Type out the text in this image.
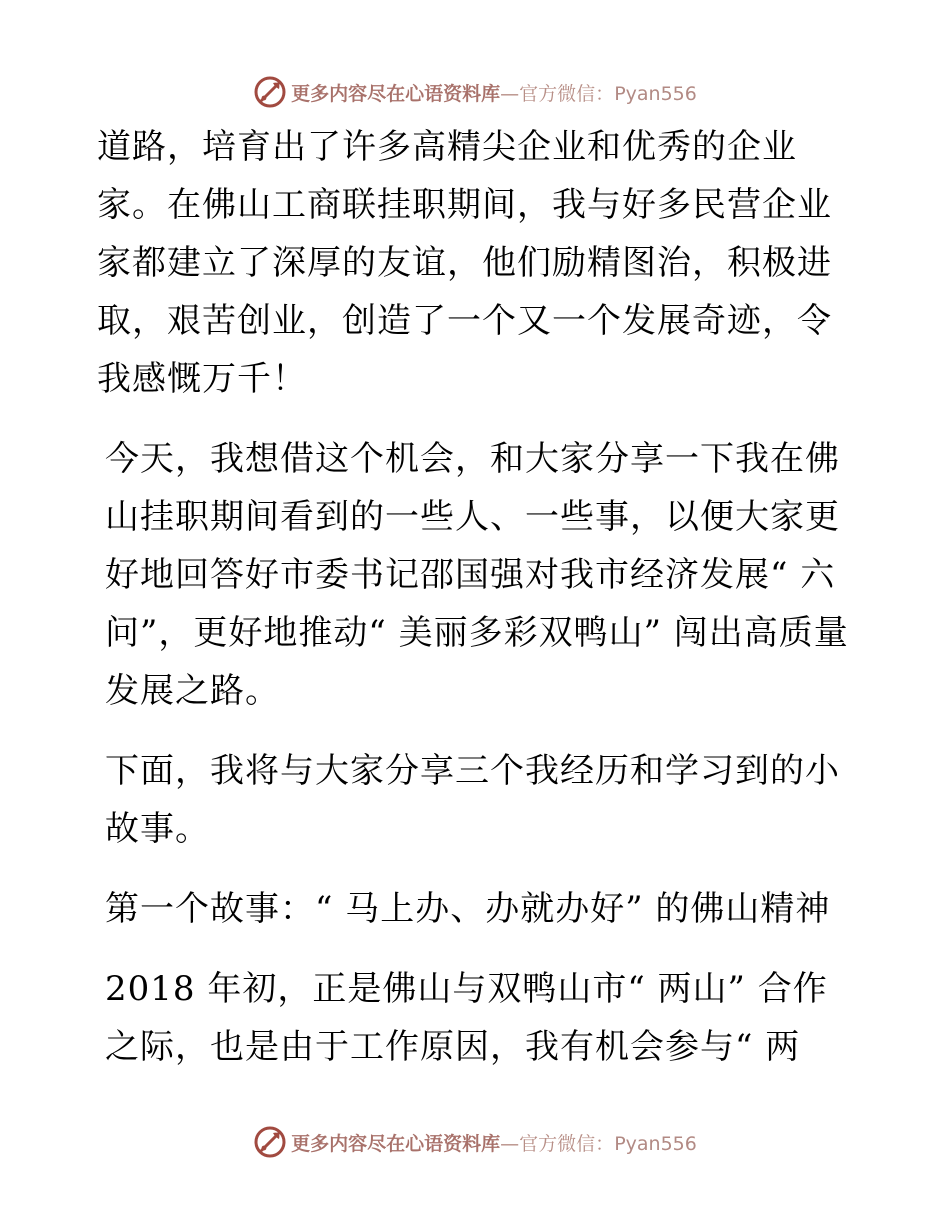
更多内容尽在心语资料库—官方微信：Pyan556

道路，培育出了许多高精尖企业和优秀的企业家。在佛山工商联挂职期间，我与好多民营企业家都建立了深厚的友谊，他们励精图治，积极进取，艰苦创业，创造了一个又一个发展奇迹，令我感慨万千！

今天，我想借这个机会，和大家分享一下我在佛山挂职期间看到的一些人、一些事，以便大家更好地回答好市委书记邵国强对我市经济发展“ 六问”，更好地推动“ 美丽多彩双鸭山” 闯出高质量发展之路。

下面，我将与大家分享三个我经历和学习到的小故事。

第一个故事：“ 马上办、办就办好” 的佛山精神

2018 年初，正是佛山与双鸭山市“ 两山” 合作之际，也是由于工作原因，我有机会参与“ 两

更多内容尽在心语资料库—官方微信：Pyan556
